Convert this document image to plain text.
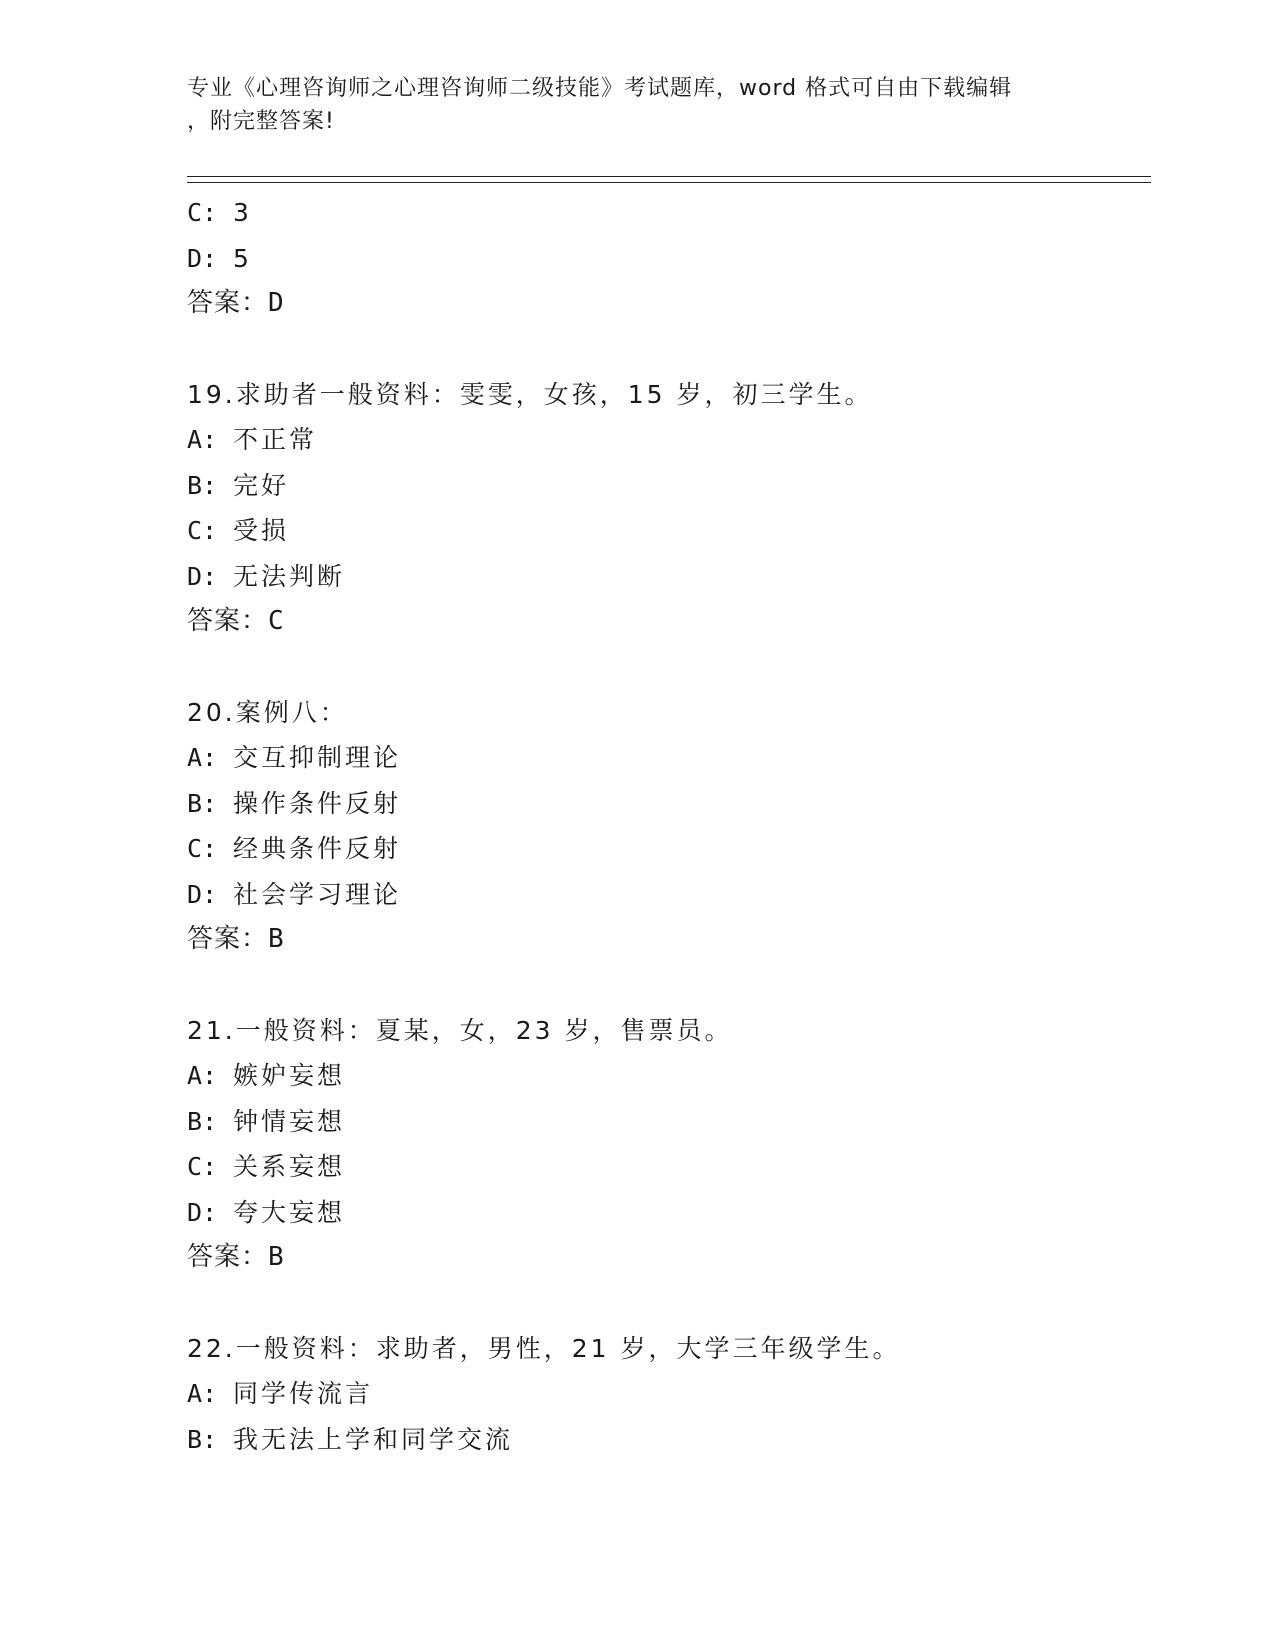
专业《心理咨询师之心理咨询师二级技能》考试题库，word 格式可自由下载编辑
，附完整答案!
C: 3
D: 5
答案：D
19.求助者一般资料：雯雯，女孩，15 岁，初三学生。
A: 不正常
B: 完好
C: 受损
D: 无法判断
答案：C
20.案例八：
A: 交互抑制理论
B: 操作条件反射
C: 经典条件反射
D: 社会学习理论
答案：B
21.一般资料：夏某，女，23 岁，售票员。
A: 嫉妒妄想
B: 钟情妄想
C: 关系妄想
D: 夸大妄想
答案：B
22.一般资料：求助者，男性，21 岁，大学三年级学生。
A: 同学传流言
B: 我无法上学和同学交流
